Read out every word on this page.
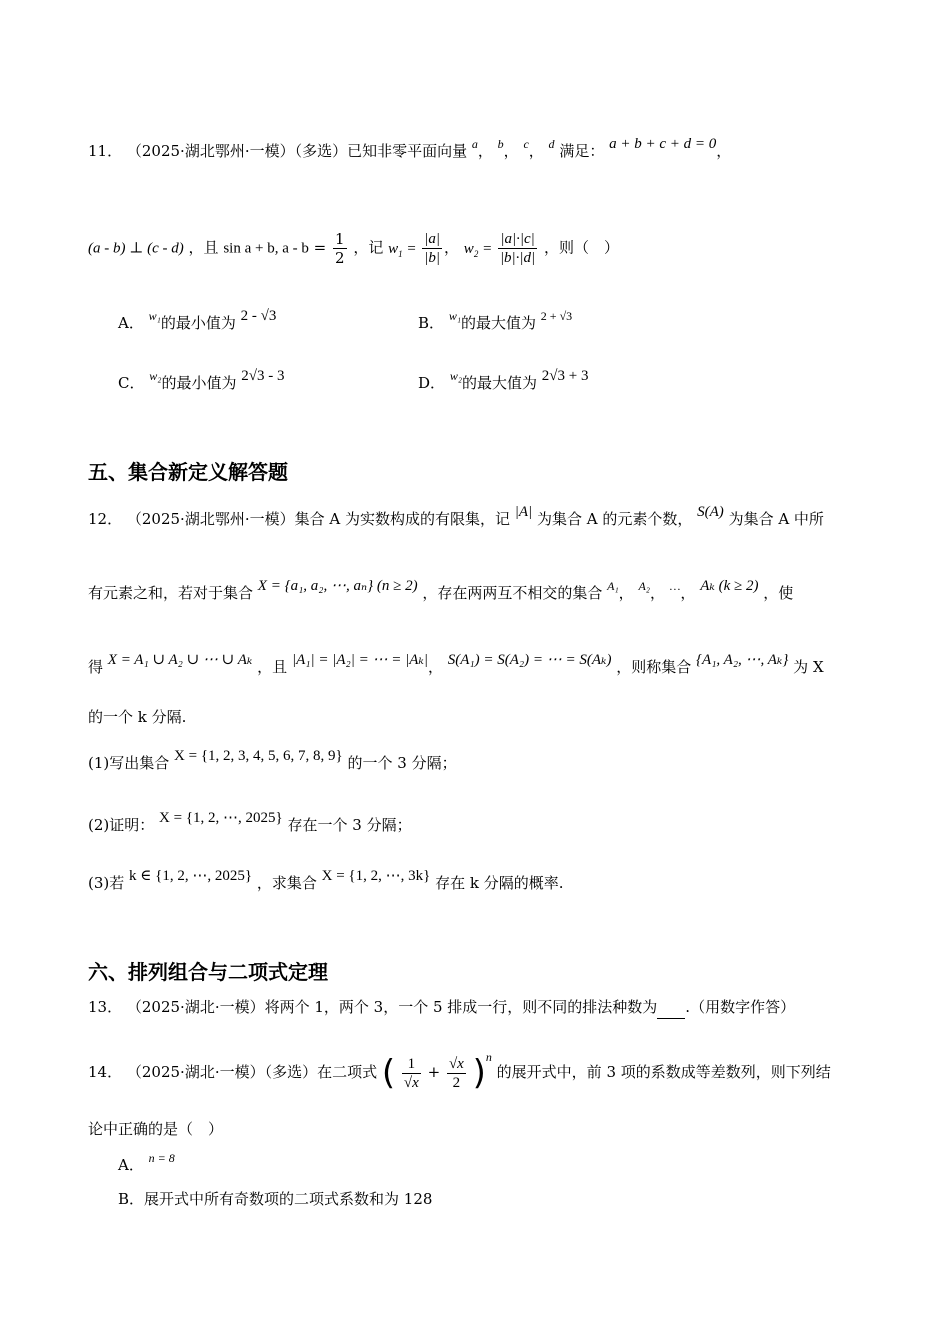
11． （2025·湖北鄂州·一模）（多选）已知非零平面向量 $^a$， $^b$， $^c$， $^d$ 满足： a + b + c + d = 0，
(a - b) ⊥ (c - d) ，且 sin a + b, $a - b = \frac{1}{2}$ ，记 $w_1 = \frac{|a|}{|b|}$ ， $w_2 = \frac{|a|\cdot|c|}{|b|\cdot|d|}$ ，则（　）
A． $^{w_1}$的最小值为 2 - √3	B． $^{w_1}$的最大值为 $^{2 + √3}$
C． $^{w_2}$的最小值为 2√3 - 3	D． $^{w_2}$的最大值为 2√3 + 3
五、集合新定义解答题
12． （2025·湖北鄂州·一模）集合 A 为实数构成的有限集，记 |A| 为集合 A 的元素个数， S(A) 为集合 A 中所
有元素之和，若对于集合 X = {a₁, a₂, ⋯, aₙ} (n ≥ 2) ，存在两两互不相交的集合 $^{A_1}$， $^{A_2}$， …， Aₖ (k ≥ 2) ，使
得 X = A₁ ∪ A₂ ∪ ⋯ ∪ Aₖ ，且 |A₁| = |A₂| = ⋯ = |Aₖ|， S(A₁) = S(A₂) = ⋯ = S(Aₖ) ，则称集合 {A₁, A₂, ⋯, Aₖ} 为 X
的一个 k 分隔.
(1)写出集合 X = {1, 2, 3, 4, 5, 6, 7, 8, 9} 的一个 3 分隔；
(2)证明： X = {1, 2, ⋯, 2025} 存在一个 3 分隔；
(3)若 k ∈ {1, 2, ⋯, 2025} ，求集合 X = {1, 2, ⋯, 3k} 存在 k 分隔的概率.
六、排列组合与二项式定理
13． （2025·湖北·一模）将两个 1，两个 3，一个 5 排成一行，则不同的排法种数为 .（用数字作答）
14． （2025·湖北·一模）（多选）在二项式 ( $\frac{1}{√x} + \frac{√x}{2} )^n$ 的展开式中，前 3 项的系数成等差数列，则下列结
论中正确的是（　）
A． $^{n = 8}$
B．展开式中所有奇数项的二项式系数和为 128
